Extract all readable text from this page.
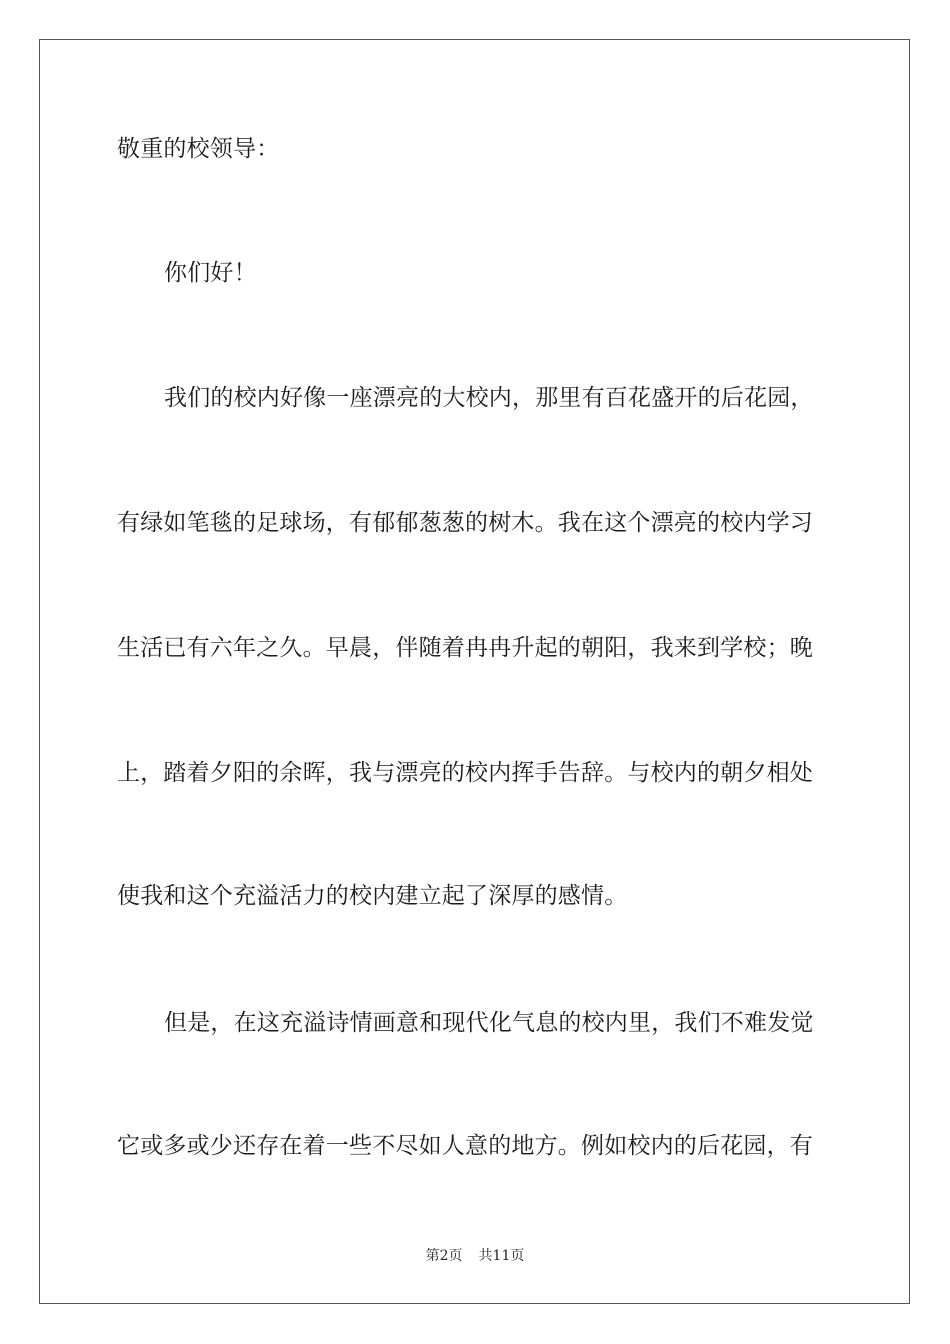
敬重的校领导：
你们好！
我们的校内好像一座漂亮的大校内，那里有百花盛开的后花园，
有绿如笔毯的足球场，有郁郁葱葱的树木。我在这个漂亮的校内学习
生活已有六年之久。早晨，伴随着冉冉升起的朝阳，我来到学校；晚
上，踏着夕阳的余晖，我与漂亮的校内挥手告辞。与校内的朝夕相处
使我和这个充溢活力的校内建立起了深厚的感情。
但是，在这充溢诗情画意和现代化气息的校内里，我们不难发觉
它或多或少还存在着一些不尽如人意的地方。例如校内的后花园，有
第2页 共11页
